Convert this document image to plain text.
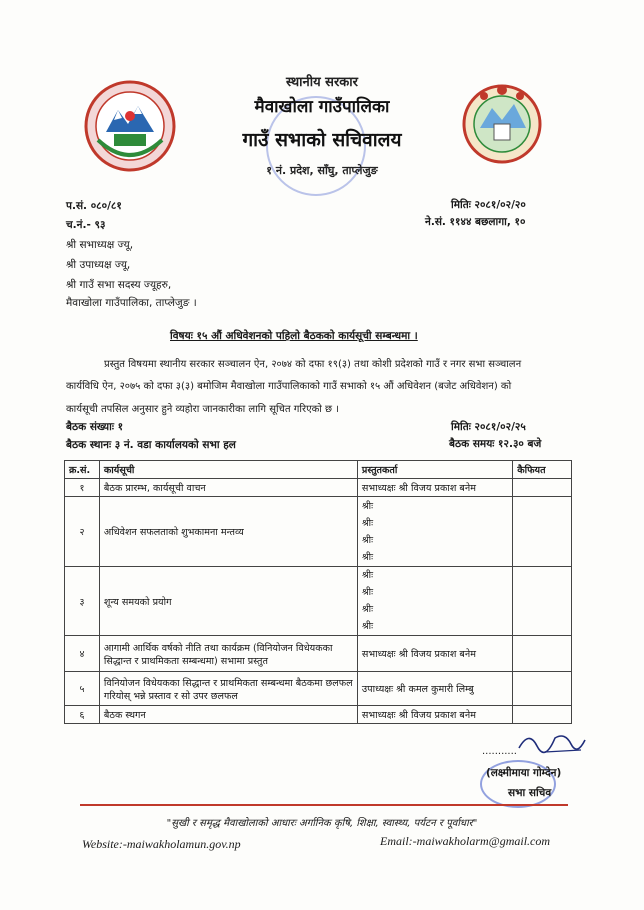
स्थानीय सरकार
मैवाखोला गाउँपालिका
गाउँ सभाको सचिवालय
१ नं. प्रदेश, साँघु, ताप्लेजुङ
प.सं. ०८०/८१
च.नं.- ९३
मितिः २०८१/०२/२०
ने.सं. ११४४ बछलागा, १०
श्री सभाध्यक्ष ज्यू,
श्री उपाध्यक्ष ज्यू,
श्री गाउँ सभा सदस्य ज्यूहरु,
मैवाखोला गाउँपालिका, ताप्लेजुङ ।
विषयः १५ औं अधिवेशनको पहिलो बैठकको कार्यसूची सम्बन्धमा ।
प्रस्तुत विषयमा स्थानीय सरकार सञ्चालन ऐन, २०७४ को दफा १९(३) तथा कोशी प्रदेशको गाउँ र नगर सभा सञ्चालन
कार्यविधि ऐन, २०७५ को दफा ३(३) बमोजिम मैवाखोला गाउँपालिकाको गाउँ सभाको १५ औं अधिवेशन (बजेट अधिवेशन) को
कार्यसूची तपसिल अनुसार हुने व्यहोरा जानकारीका लागि सूचित गरिएको छ ।
बैठक संख्याः १	मितिः २०८१/०२/२५
बैठक स्थानः ३ नं. वडा कार्यालयको सभा हल	बैठक समयः १२.३० बजे
क्र.सं.	कार्यसूची	प्रस्तुतकर्ता	कैफियत
१	बैठक प्रारम्भ, कार्यसूची वाचन	सभाध्यक्षः श्री विजय प्रकाश बनेम	
२	अधिवेशन सफलताको शुभकामना मन्तव्य	श्रीः
श्रीः
श्रीः
श्रीः	

३	शून्य समयको प्रयोग	श्रीः
श्रीः
श्रीः
श्रीः	

४	आगामी आर्थिक वर्षको नीति तथा कार्यक्रम (विनियोजन विधेयकका सिद्धान्त र प्राथमिकता सम्बन्धमा) सभामा प्रस्तुत	सभाध्यक्षः श्री विजय प्रकाश बनेम	
५	विनियोजन विधेयकका सिद्धान्त र प्राथमिकता सम्बन्धमा बैठकमा छलफल गरियोस् भन्ने प्रस्ताव र सो उपर छलफल	उपाध्यक्षः श्री कमल कुमारी लिम्बु	
६	बैठक स्थगन	सभाध्यक्षः श्री विजय प्रकाश बनेम	
...........
(लक्ष्मीमाया गोम्देन)
सभा सचिव
"सुखी र समृद्ध मैवाखोलाको आधारः अर्गानिक कृषि, शिक्षा, स्वास्थ्य, पर्यटन र पूर्वाधार"
Website:-maiwakholamun.gov.np	Email:-maiwakholarm@gmail.com
